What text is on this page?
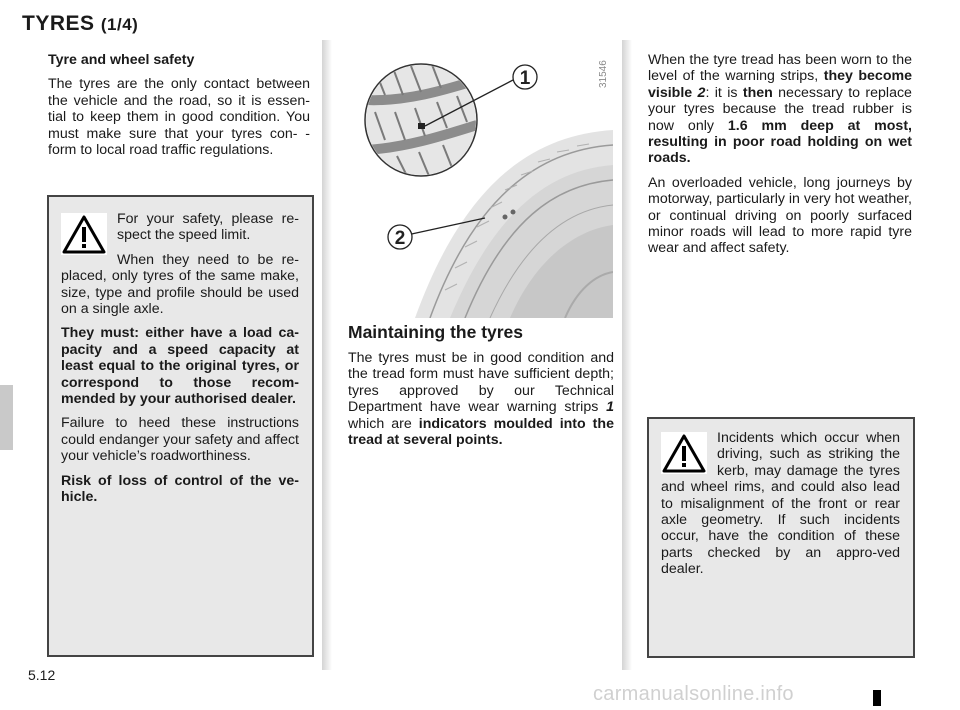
TYRES (1/4)

Tyre and wheel safety

The tyres are the only contact between the vehicle and the road, so it is essen-tial to keep them in good condition. You must make sure that your tyres con- -form to local road traffic regulations.

For your safety, please re-spect the speed limit.

When they need to be re-placed, only tyres of the same make, size, type and profile should be used on a single axle.

They must: either have a load ca-pacity and a speed capacity at least equal to the original tyres, or correspond to those recom-mended by your authorised dealer.

Failure to heed these instructions could endanger your safety and affect your vehicle’s roadworthiness.

Risk of loss of control of the ve-hicle.

1
2
31546

Maintaining the tyres

The tyres must be in good condition and the tread form must have sufficient depth; tyres approved by our Technical Department have wear warning strips 1 which are indicators moulded into the tread at several points.

When the tyre tread has been worn to the level of the warning strips, they become visible 2: it is then necessary to replace your tyres because the tread rubber is now only 1.6 mm deep at most, resulting in poor road holding on wet roads.

An overloaded vehicle, long journeys by motorway, particularly in very hot weather, or continual driving on poorly surfaced minor roads will lead to more rapid tyre wear and affect safety.

Incidents which occur when driving, such as striking the kerb, may damage the tyres and wheel rims, and could also lead to misalignment of the front or rear axle geometry. If such incidents occur, have the condition of these parts checked by an appro-ved dealer.

5.12
carmanualsonline.info
